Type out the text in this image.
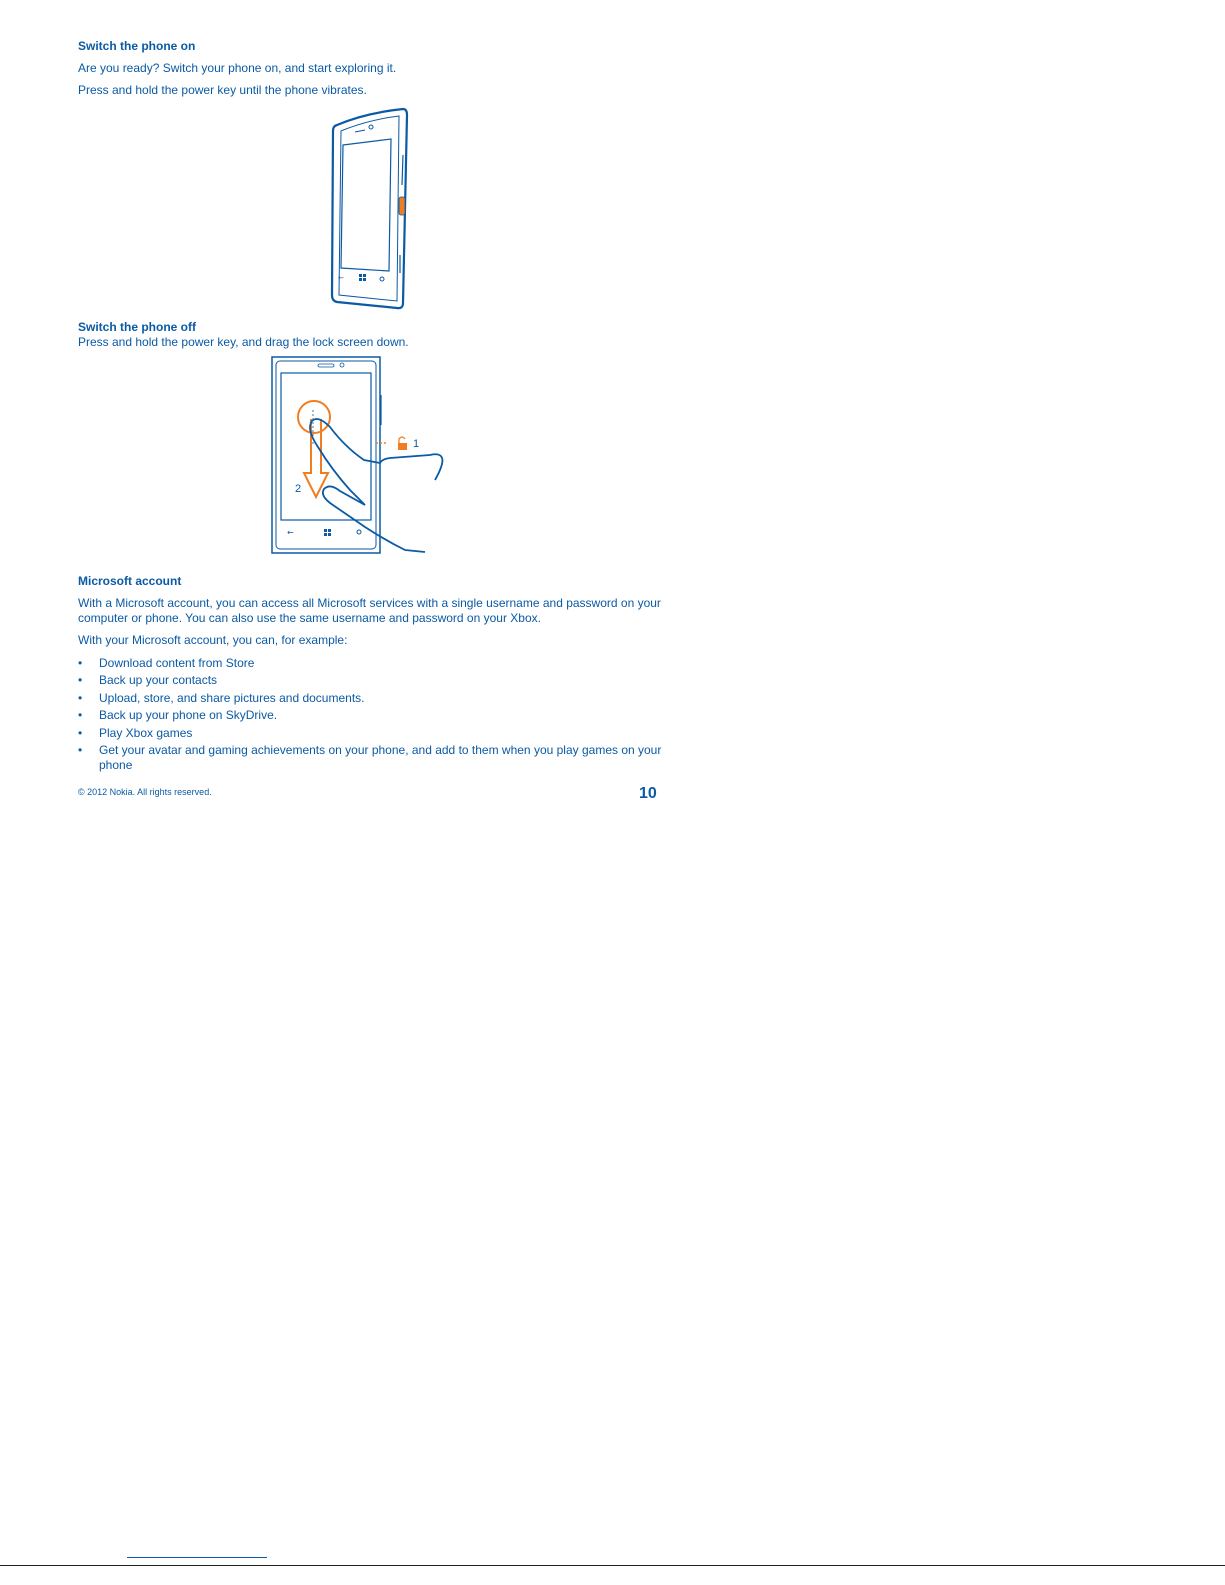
Switch the phone on
Are you ready? Switch your phone on, and start exploring it.
Press and hold the power key until the phone vibrates.
←
Switch the phone off
Press and hold the power key, and drag the lock screen down.
←
1
2
Microsoft account
With a Microsoft account, you can access all Microsoft services with a single username and password on your computer or phone. You can also use the same username and password on your Xbox.
With your Microsoft account, you can, for example:
• Download content from Store
• Back up your contacts
• Upload, store, and share pictures and documents.
• Back up your phone on SkyDrive.
• Play Xbox games
• Get your avatar and gaming achievements on your phone, and add to them when you play games on your phone
© 2012 Nokia. All rights reserved.	10
